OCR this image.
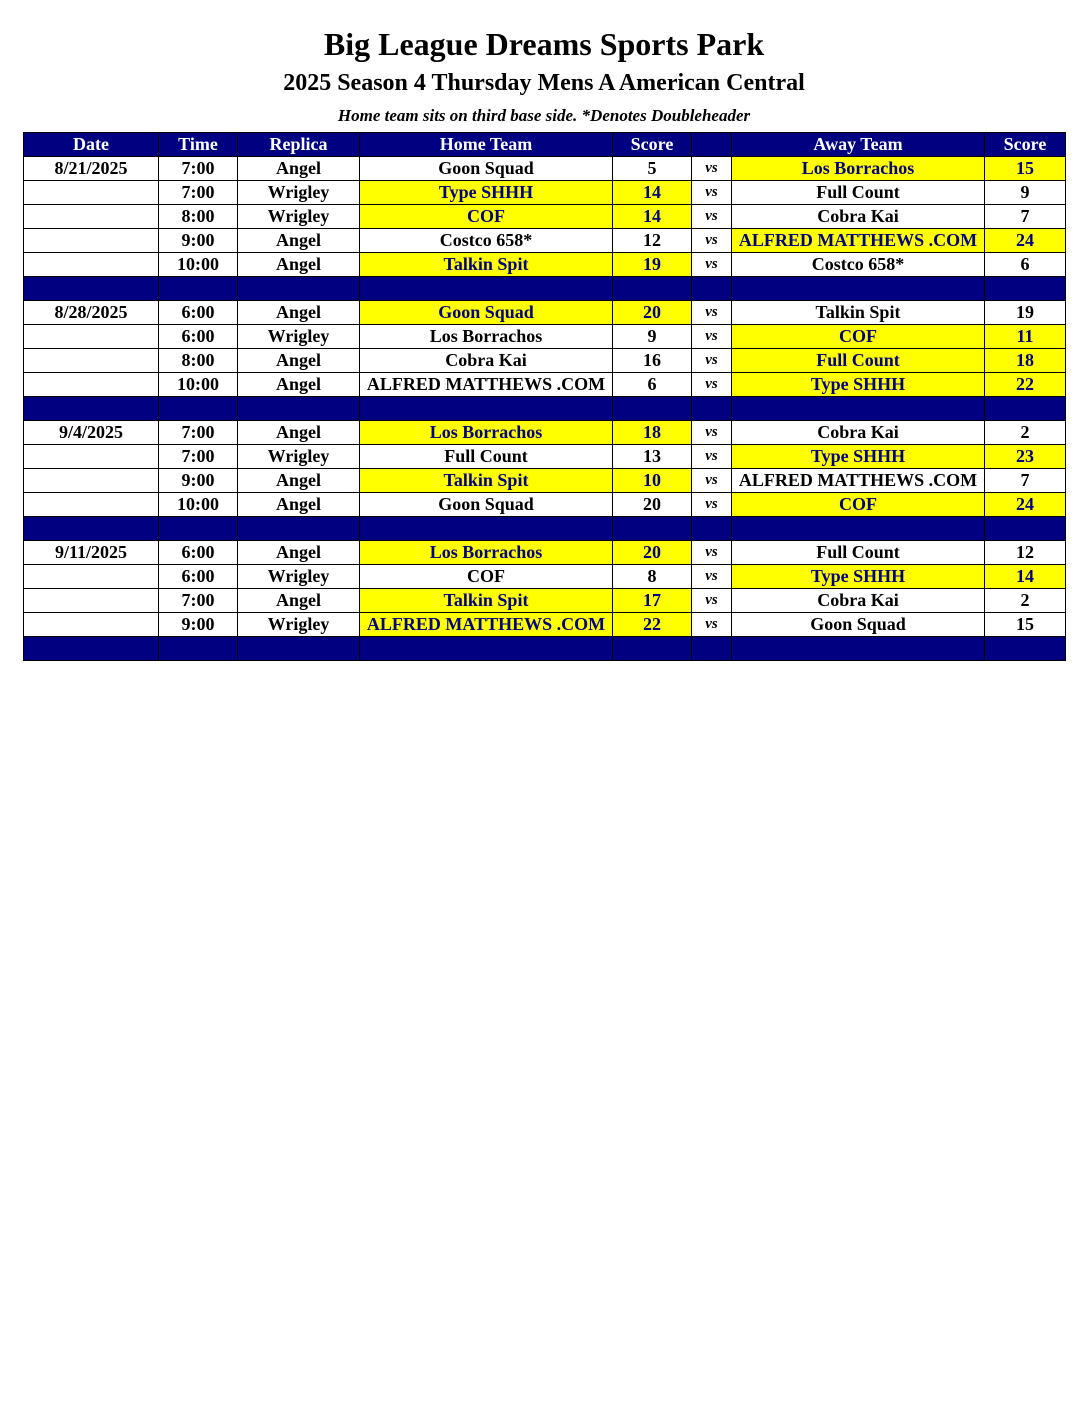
Big League Dreams Sports Park
2025 Season 4 Thursday Mens A American Central
Home team sits on third base side. *Denotes Doubleheader
Date	Time	Replica	Home Team	Score		Away Team	Score
8/21/2025	7:00	Angel	Goon Squad	5	vs	Los Borrachos	15
	7:00	Wrigley	Type SHHH	14	vs	Full Count	9
	8:00	Wrigley	COF	14	vs	Cobra Kai	7
	9:00	Angel	Costco 658*	12	vs	ALFRED MATTHEWS .COM	24
	10:00	Angel	Talkin Spit	19	vs	Costco 658*	6

8/28/2025	6:00	Angel	Goon Squad	20	vs	Talkin Spit	19
	6:00	Wrigley	Los Borrachos	9	vs	COF	11
	8:00	Angel	Cobra Kai	16	vs	Full Count	18
	10:00	Angel	ALFRED MATTHEWS .COM	6	vs	Type SHHH	22

9/4/2025	7:00	Angel	Los Borrachos	18	vs	Cobra Kai	2
	7:00	Wrigley	Full Count	13	vs	Type SHHH	23
	9:00	Angel	Talkin Spit	10	vs	ALFRED MATTHEWS .COM	7
	10:00	Angel	Goon Squad	20	vs	COF	24

9/11/2025	6:00	Angel	Los Borrachos	20	vs	Full Count	12
	6:00	Wrigley	COF	8	vs	Type SHHH	14
	7:00	Angel	Talkin Spit	17	vs	Cobra Kai	2
	9:00	Wrigley	ALFRED MATTHEWS .COM	22	vs	Goon Squad	15
